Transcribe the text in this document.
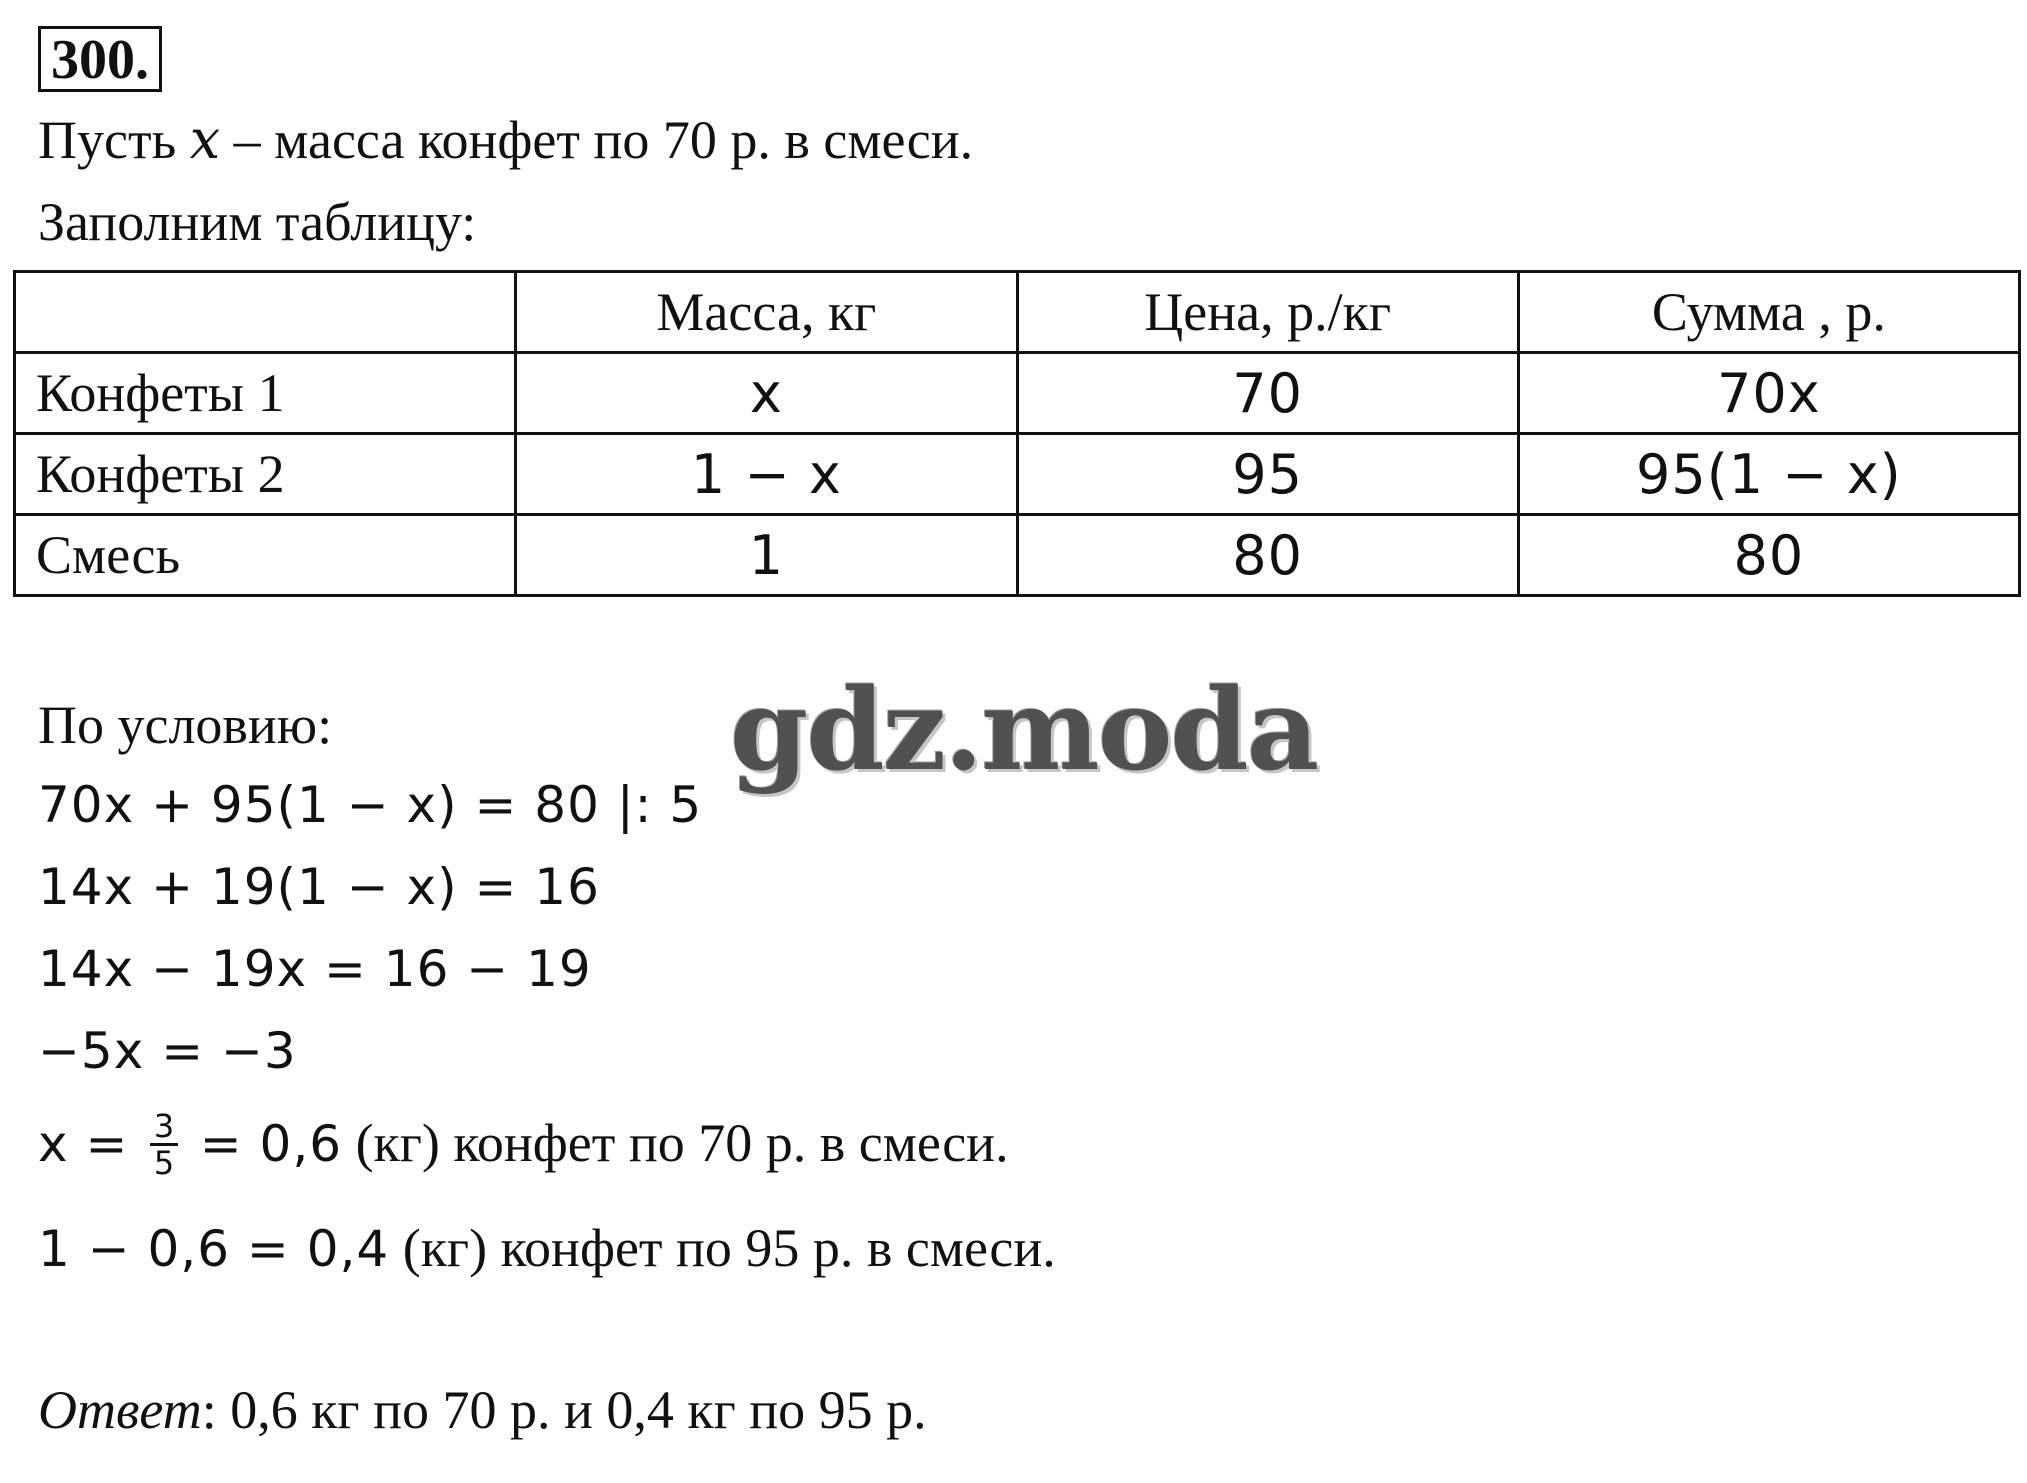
300.
Пусть x – масса конфет по 70 р. в смеси.
Заполним таблицу:
	Масса, кг	Цена, р./кг	Сумма , р.
Конфеты 1	x	70	70x
Конфеты 2	1 − x	95	95(1 − x)
Смесь	1	80	80
По условию:	gdz.moda
70x + 95(1 − x) = 80 |: 5
14x + 19(1 − x) = 16
14x − 19x = 16 − 19
−5x = −3
$x = \frac{3}{5} = 0,6$ (кг) конфет по 70 р. в смеси.
1 − 0,6 = 0,4 (кг) конфет по 95 р. в смеси.
Ответ: 0,6 кг по 70 р. и 0,4 кг по 95 р.
